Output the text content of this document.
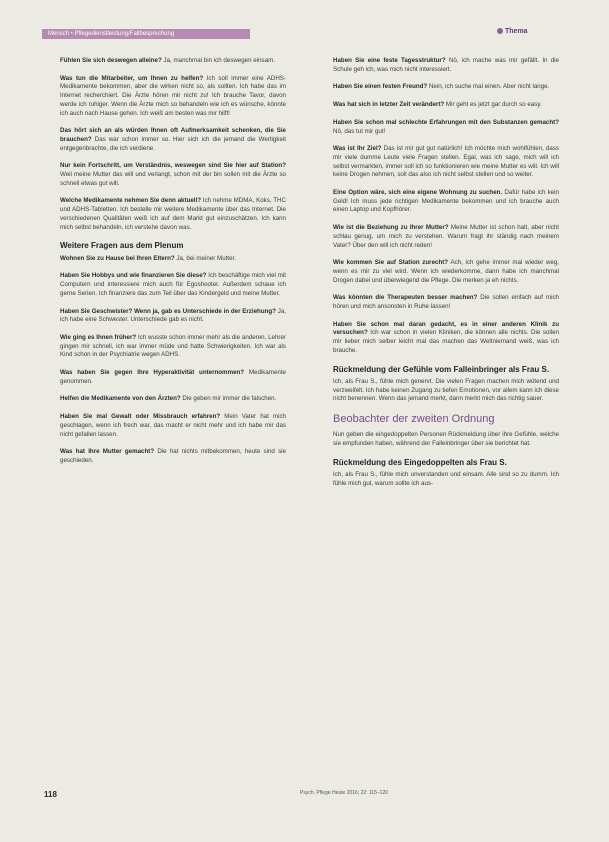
Mensch • Pflegedienstleistung/Fallbesprechung	Thema
Fühlen Sie sich deswegen alleine? Ja, manchmal bin ich deswegen einsam.
Was tun die Mitarbeiter, um Ihnen zu helfen? Ich soll immer eine ADHS-Medikamente bekommen, aber die wirken nicht so, als sollten. Ich habe das im Internet recherchiert. Die Ärzte hören mir nicht zu! Ich brauche Tavor, davon werde ich ruhiger. Wenn die Ärzte mich so behandeln wie ich es wünsche, könnte ich auch nach Hause gehen. Ich weiß am besten was mir hilft!
Das hört sich an als würden Ihnen oft Aufmerksamkeit schenken, die Sie brauchen? Das war schon immer so. Hier sich ich die jemand die Wertigkeit entgegenbrachte, die ich verdiene.
Nur kein Fortschritt, um Verständnis, weswegen sind Sie hier auf Station? Weil meine Mutter das will und verlangt, schon mit der bin sollen mit die Ärzte so schnell etwas gut will.
Welche Medikamente nehmen Sie denn aktuell? Ich nehme MDMA, Koks, THC und ADHS-Tabletten. Ich bestelle mir weitere Medikamente über das Internet. Die verschiedenen Qualitäten weiß ich auf dem Markt gut einzuschätzen. Ich kann mich selbst behandeln, ich verstehe davon was.
Weitere Fragen aus dem Plenum
Wohnen Sie zu Hause bei Ihren Eltern? Ja, bei meiner Mutter.
Haben Sie Hobbys und wie finanzieren Sie diese? Ich beschäftige mich viel mit Computern und interessiere mich auch für Egoshooter. Außerdem schaue ich gerne Serien. Ich finanziere das zum Teil über das Kindergeld und meine Mutter.
Haben Sie Geschwister? Wenn ja, gab es Unterschiede in der Erziehung? Ja, ich habe eine Schwester. Unterschiede gab es nicht.
Wie ging es Ihnen früher? Ich wusste schon immer mehr als die anderen, Lehrer gingen mir schnell, ich war immer müde und hatte Schwierigkeiten. Ich war als Kind schon in der Psychiatrie wegen ADHS.
Was haben Sie gegen Ihre Hyperaktivität unternommen? Medikamente genommen.
Helfen die Medikamente von den Ärzten? Die geben mir immer die falschen.
Haben Sie mal Gewalt oder Missbrauch erfahren? Mein Vater hat mich geschlagen, wenn ich frech war, das macht er nicht mehr und ich habe mir das nicht gefallen lassen.
Was hat Ihre Mutter gemacht? Die hat nichts mitbekommen, heute sind sie geschieden.
Haben Sie eine feste Tagesstruktur? Nö, ich mache was mir gefällt. In die Schule geh ich, was mich nicht interessiert.
Haben Sie einen festen Freund? Nein, ich suche mal einen. Aber nicht lange.
Was hat sich in letzter Zeit verändert? Mir geht es jetzt gar durch so easy.
Haben Sie schon mal schlechte Erfahrungen mit den Substanzen gemacht? Nö, das tut mir gut!
Was ist Ihr Ziel? Das ist mir gut gut natürlich! Ich möchte mich wohlfühlen, dass mir viele dumme Leute viele Fragen stellen. Egal, was ich sage, mich will ich selbst vermarkten, immer soll ich so funktionieren wie meine Mutter es will. Ich will keine Drogen nehmen, soll das also ich nicht selbst stellen und so weiter.
Eine Option wäre, sich eine eigene Wohnung zu suchen. Dafür habe ich kein Geld! Ich muss jede richtigen Medikamente bekommen und ich brauche auch einen Laptop und Kopfhörer.
Wie ist die Beziehung zu Ihrer Mutter? Meine Mutter ist schon halt, aber nicht schlau genug, um mich zu verstehen. Warum fragt ihr ständig nach meinem Vater? Über den will ich nicht reden!
Wie kommen Sie auf Station zurecht? Ach, ich gehe immer mal wieder weg, wenn es mir zu viel wird. Wenn ich wiederkomme, dann habe ich manchmal Drogen dabei und überwiegend die Pflege. Die merken ja eh nichts.
Was könnten die Therapeuten besser machen? Die sollen einfach auf mich hören und mich ansonsten in Ruhe lassen!
Haben Sie schon mal daran gedacht, es in einer anderen Klinik zu versuchen? Ich war schon in vielen Kliniken, die können alle nichts. Die sollen mir lieber mich selber leicht mal das machen das Weltniemand weiß, was ich brauche.
Rückmeldung der Gefühle vom Falleinbringer als Frau S.
Ich, als Frau S., fühle mich genervt. Die vielen Fragen machen mich wütend und verzweifelt. Ich habe keinen Zugang zu tiefen Emotionen, vor allem kann ich diese nicht benennen. Wenn das jemand merkt, dann merkt mich das richtig sauer.
Beobachter der zweiten Ordnung
Nun geben die eingedoppelten Personen Rückmeldung über ihre Gefühle, welche sie empfunden haben, während der Falleinbringer über sie berichtet hat.
Rückmeldung des Eingedoppelten als Frau S.
Ich, als Frau S., fühle mich unverstanden und einsam. Alle sind so zu dumm. Ich fühle mich gut, warum sollte ich aus-
118	Psych. Pflege Heute 2016; 22: 115–120
